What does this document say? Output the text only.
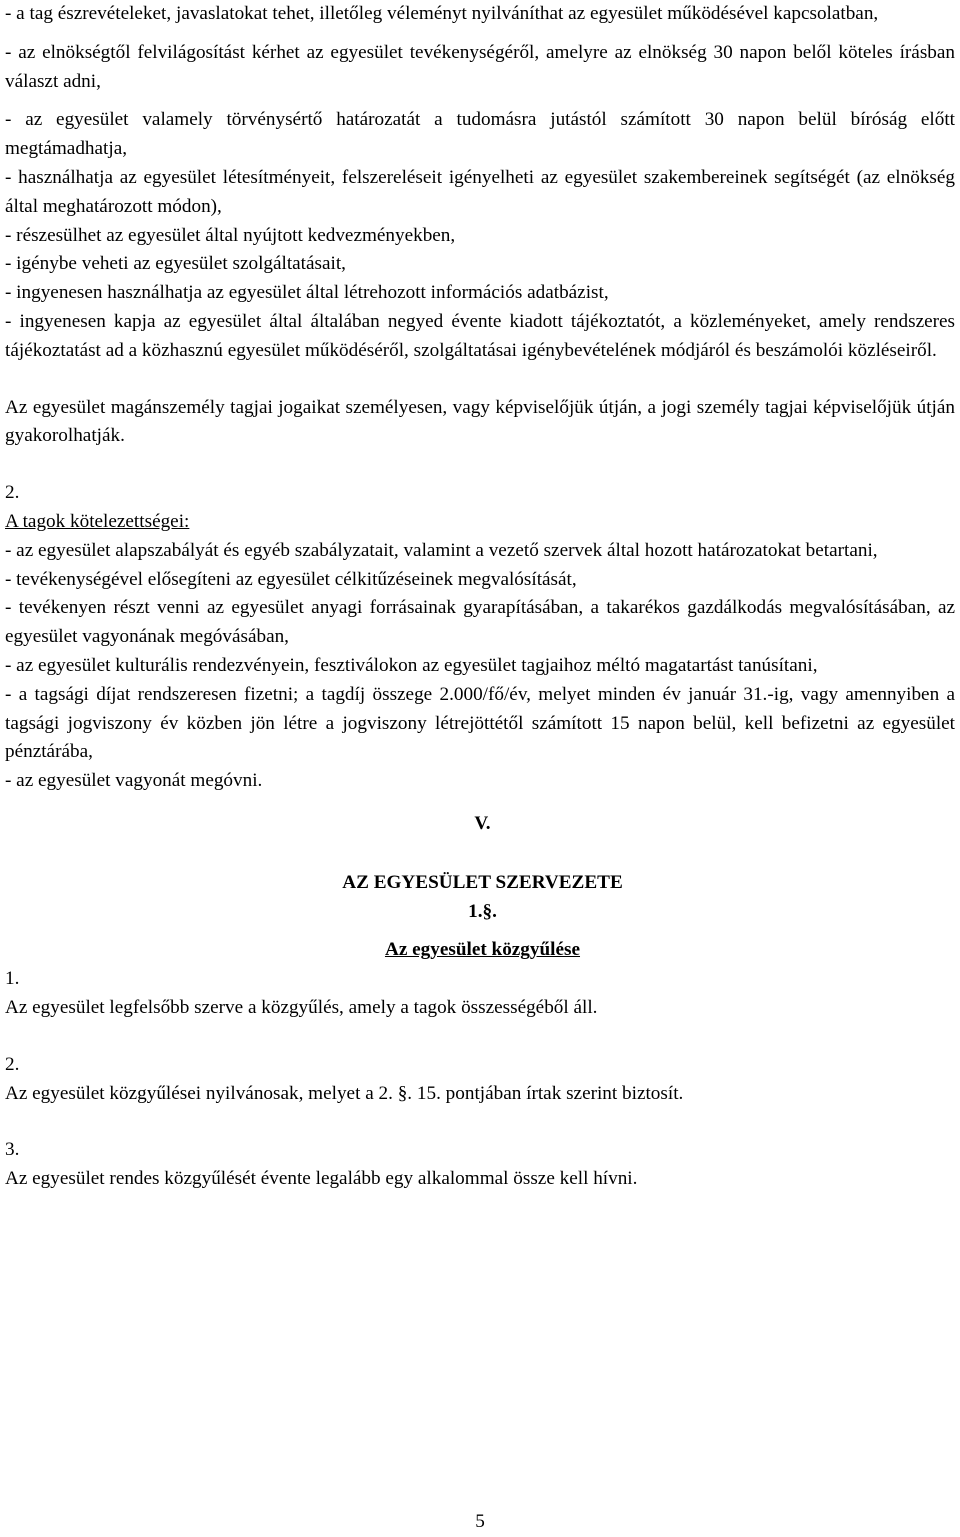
- a tag észrevételeket, javaslatokat tehet, illetőleg véleményt nyilváníthat az egyesület működésével kapcsolatban,

- az elnökségtől felvilágosítást kérhet az egyesület tevékenységéről, amelyre az elnökség 30 napon belől köteles írásban választ adni,

- az egyesület valamely törvénysértő határozatát a tudomásra jutástól számított 30 napon belül bíróság előtt megtámadhatja,

- használhatja az egyesület létesítményeit, felszereléseit igényelheti az egyesület szakembereinek segítségét (az elnökség által meghatározott módon),

- részesülhet az egyesület által nyújtott kedvezményekben,

- igénybe veheti az egyesület szolgáltatásait,

- ingyenesen használhatja az egyesület által létrehozott információs adatbázist,

- ingyenesen kapja az egyesület által általában negyed évente kiadott tájékoztatót, a közleményeket, amely rendszeres tájékoztatást ad a közhasznú egyesület működéséről, szolgáltatásai igénybevételének módjáról és beszámolói közléseiről.

Az egyesület magánszemély tagjai jogaikat személyesen, vagy képviselőjük útján, a jogi személy tagjai képviselőjük útján gyakorolhatják.

2.

A tagok kötelezettségei:

- az egyesület alapszabályát és egyéb szabályzatait, valamint a vezető szervek által hozott határozatokat betartani,

- tevékenységével elősegíteni az egyesület célkitűzéseinek megvalósítását,

- tevékenyen részt venni az egyesület anyagi forrásainak gyarapításában, a takarékos gazdálkodás megvalósításában, az egyesület vagyonának megóvásában,

- az egyesület kulturális rendezvényein, fesztiválokon az egyesület tagjaihoz méltó magatartást tanúsítani,

- a tagsági díjat rendszeresen fizetni; a tagdíj összege 2.000/fő/év, melyet minden év január 31.-ig, vagy amennyiben a tagsági jogviszony év közben jön létre a jogviszony létrejöttétől számított 15 napon belül, kell befizetni az egyesület pénztárába,

- az egyesület vagyonát megóvni.

V.

AZ EGYESÜLET SZERVEZETE

1.§.

Az egyesület közgyűlése

1.

Az egyesület legfelsőbb szerve a közgyűlés, amely a tagok összességéből áll.

2.

Az egyesület közgyűlései nyilvánosak, melyet a 2. §. 15. pontjában írtak szerint biztosít.

3.

Az egyesület rendes közgyűlését évente legalább egy alkalommal össze kell hívni.

5
